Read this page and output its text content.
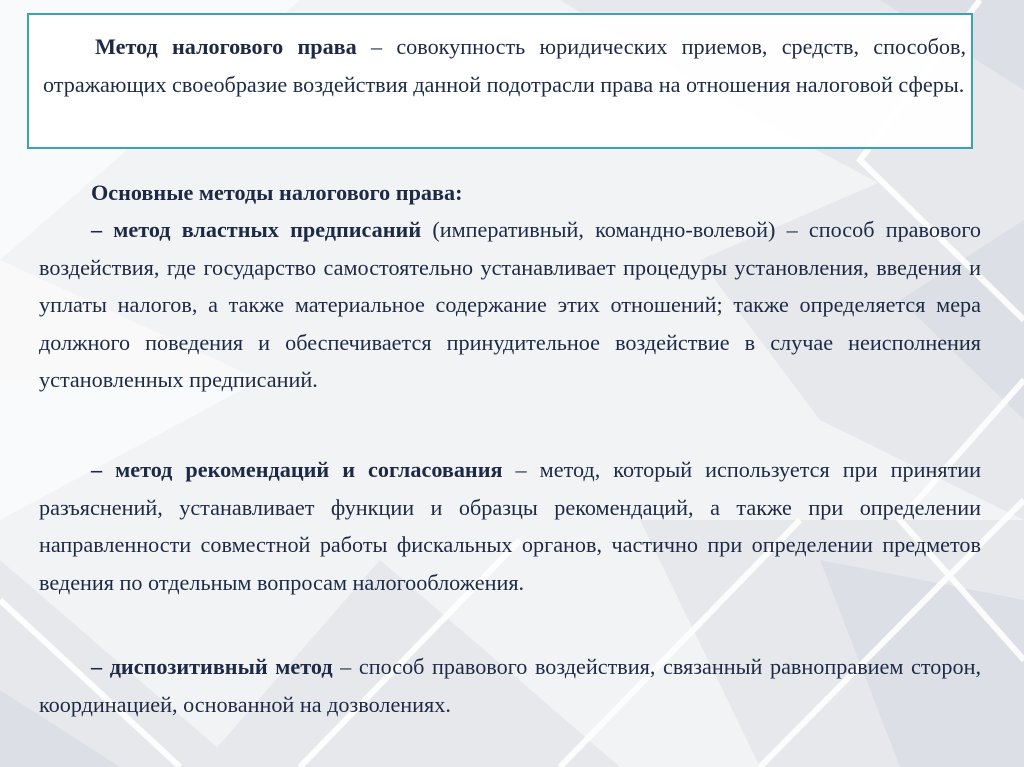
Метод налогового права – совокупность юридических приемов, средств, способов, отражающих своеобразие воздействия данной подотрасли права на отношения налоговой сферы.

Основные методы налогового права:

– метод властных предписаний (императивный, командно-волевой) – способ правового воздействия, где государство самостоятельно устанавливает процедуры установления, введения и уплаты налогов, а также материальное содержание этих отношений; также определяется мера должного поведения и обеспечивается принудительное воздействие в случае неисполнения установленных предписаний.

– метод рекомендаций и согласования – метод, который используется при принятии разъяснений, устанавливает функции и образцы рекомендаций, а также при определении направленности совместной работы фискальных органов, частично при определении предметов ведения по отдельным вопросам налогообложения.

– диспозитивный метод – способ правового воздействия, связанный равноправием сторон, координацией, основанной на дозволениях.
